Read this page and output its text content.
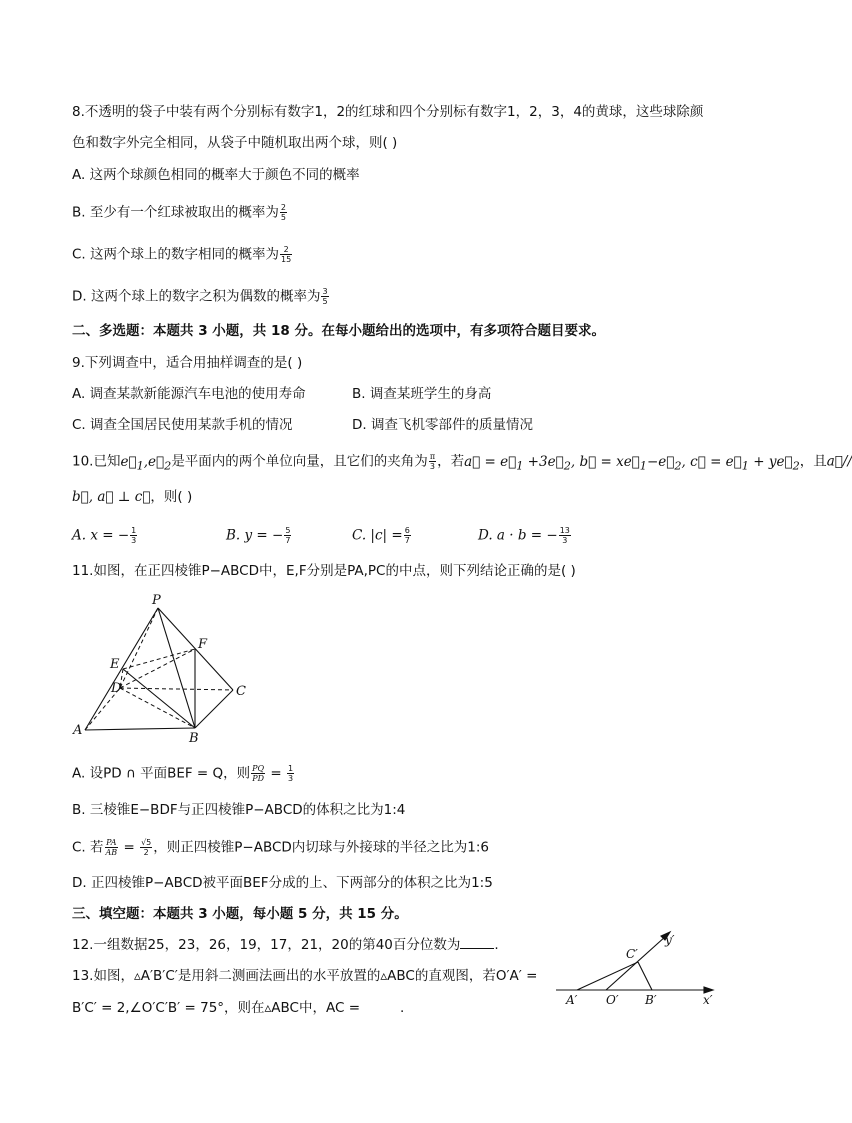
8.不透明的袋子中装有两个分别标有数字1，2的红球和四个分别标有数字1，2，3，4的黄球，这些球除颜
色和数字外完全相同，从袋子中随机取出两个球，则( )
A. 这两个球颜色相同的概率大于颜色不同的概率
B. 至少有一个红球被取出的概率为 $\frac{2}{5}$
C. 这两个球上的数字相同的概率为 $\frac{2}{15}$
D. 这两个球上的数字之积为偶数的概率为 $\frac{3}{5}$
二、多选题：本题共 3 小题，共 18 分。在每小题给出的选项中，有多项符合题目要求。
9.下列调查中，适合用抽样调查的是( )
A. 调查某款新能源汽车电池的使用寿命	B. 调查某班学生的身高
C. 调查全国居民使用某款手机的情况	D. 调查飞机零部件的质量情况
10.已知$e⃗_1,e⃗_2$是平面内的两个单位向量，且它们的夹角为 $\frac{\pi}{3}$ ，若a⃗ = $e⃗_1$ $+3e⃗_2$, b⃗ = $xe⃗_1-e⃗_2$, c⃗ = $e⃗_1$ + $ye⃗_2$，且a⃗//
b⃗, a⃗ ⊥ c⃗，则( )
A. x = − $\frac{1}{3}$	B. y = − $\frac{5}{7}$	C. $|c| = \frac{6}{7}$	D. a · b = − $\frac{13}{3}$
11.如图，在正四棱锥P−ABCD中，E,F分别是PA,PC的中点，则下列结论正确的是( )
P
E
F
D	C
A
B
A. 设PD ∩ 平面BEF = Q，则 $\frac{PQ}{PD} = \frac{1}{3}$
B. 三棱锥E−BDF与正四棱锥P−ABCD的体积之比为1:4
C. 若 $\frac{PA}{AB} = \frac{√5}{2}$ ，则正四棱锥P−ABCD内切球与外接球的半径之比为1:6
D. 正四棱锥P−ABCD被平面BEF分成的上、下两部分的体积之比为1:5
三、填空题：本题共 3 小题，每小题 5 分，共 15 分。
12.一组数据25，23，26，19，17，21，20的第40百分位数为	.
13.如图，▵A′B′C′是用斜二测画法画出的水平放置的▵ABC的直观图，若O′A′ =
B′C′ = 2,∠O′C′B′ = 75°，则在▵ABC中，AC =	.
y′
C′
A′ O′ B′	x′
